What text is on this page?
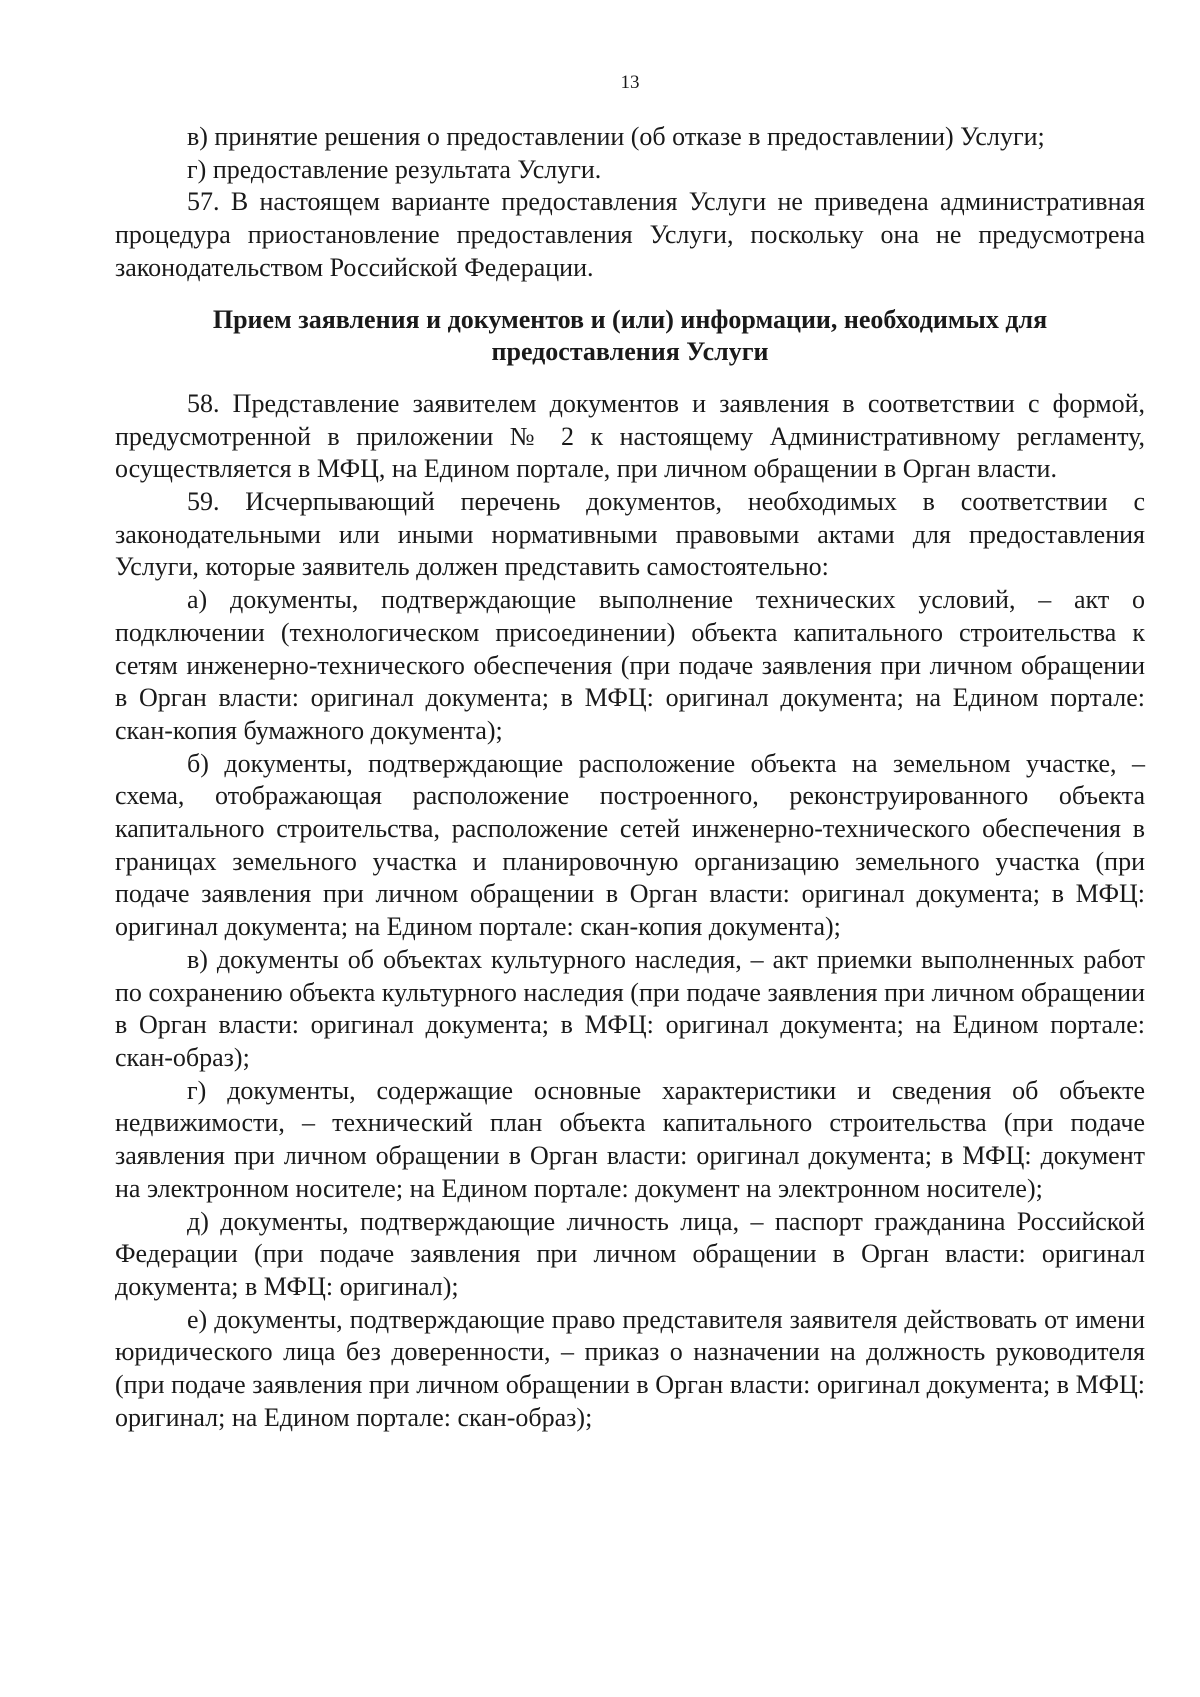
13

в) принятие решения о предоставлении (об отказе в предоставлении) Услуги;

г) предоставление результата Услуги.

57. В настоящем варианте предоставления Услуги не приведена административная процедура приостановление предоставления Услуги, поскольку она не предусмотрена законодательством Российской Федерации.

Прием заявления и документов и (или) информации, необходимых для предоставления Услуги

58. Представление заявителем документов и заявления в соответствии с формой, предусмотренной в приложении № 2 к настоящему Административному регламенту, осуществляется в МФЦ, на Едином портале, при личном обращении в Орган власти.

59. Исчерпывающий перечень документов, необходимых в соответствии с законодательными или иными нормативными правовыми актами для предоставления Услуги, которые заявитель должен представить самостоятельно:

а) документы, подтверждающие выполнение технических условий, – акт о подключении (технологическом присоединении) объекта капитального строительства к сетям инженерно-технического обеспечения (при подаче заявления при личном обращении в Орган власти: оригинал документа; в МФЦ: оригинал документа; на Едином портале: скан-копия бумажного документа);

б) документы, подтверждающие расположение объекта на земельном участке, – схема, отображающая расположение построенного, реконструированного объекта капитального строительства, расположение сетей инженерно-технического обеспечения в границах земельного участка и планировочную организацию земельного участка (при подаче заявления при личном обращении в Орган власти: оригинал документа; в МФЦ: оригинал документа; на Едином портале: скан-копия документа);

в) документы об объектах культурного наследия, – акт приемки выполненных работ по сохранению объекта культурного наследия (при подаче заявления при личном обращении в Орган власти: оригинал документа; в МФЦ: оригинал документа; на Едином портале: скан-образ);

г) документы, содержащие основные характеристики и сведения об объекте недвижимости, – технический план объекта капитального строительства (при подаче заявления при личном обращении в Орган власти: оригинал документа; в МФЦ: документ на электронном носителе; на Едином портале: документ на электронном носителе);

д) документы, подтверждающие личность лица, – паспорт гражданина Российской Федерации (при подаче заявления при личном обращении в Орган власти: оригинал документа; в МФЦ: оригинал);

е) документы, подтверждающие право представителя заявителя действовать от имени юридического лица без доверенности, – приказ о назначении на должность руководителя (при подаче заявления при личном обращении в Орган власти: оригинал документа; в МФЦ: оригинал; на Едином портале: скан-образ);
